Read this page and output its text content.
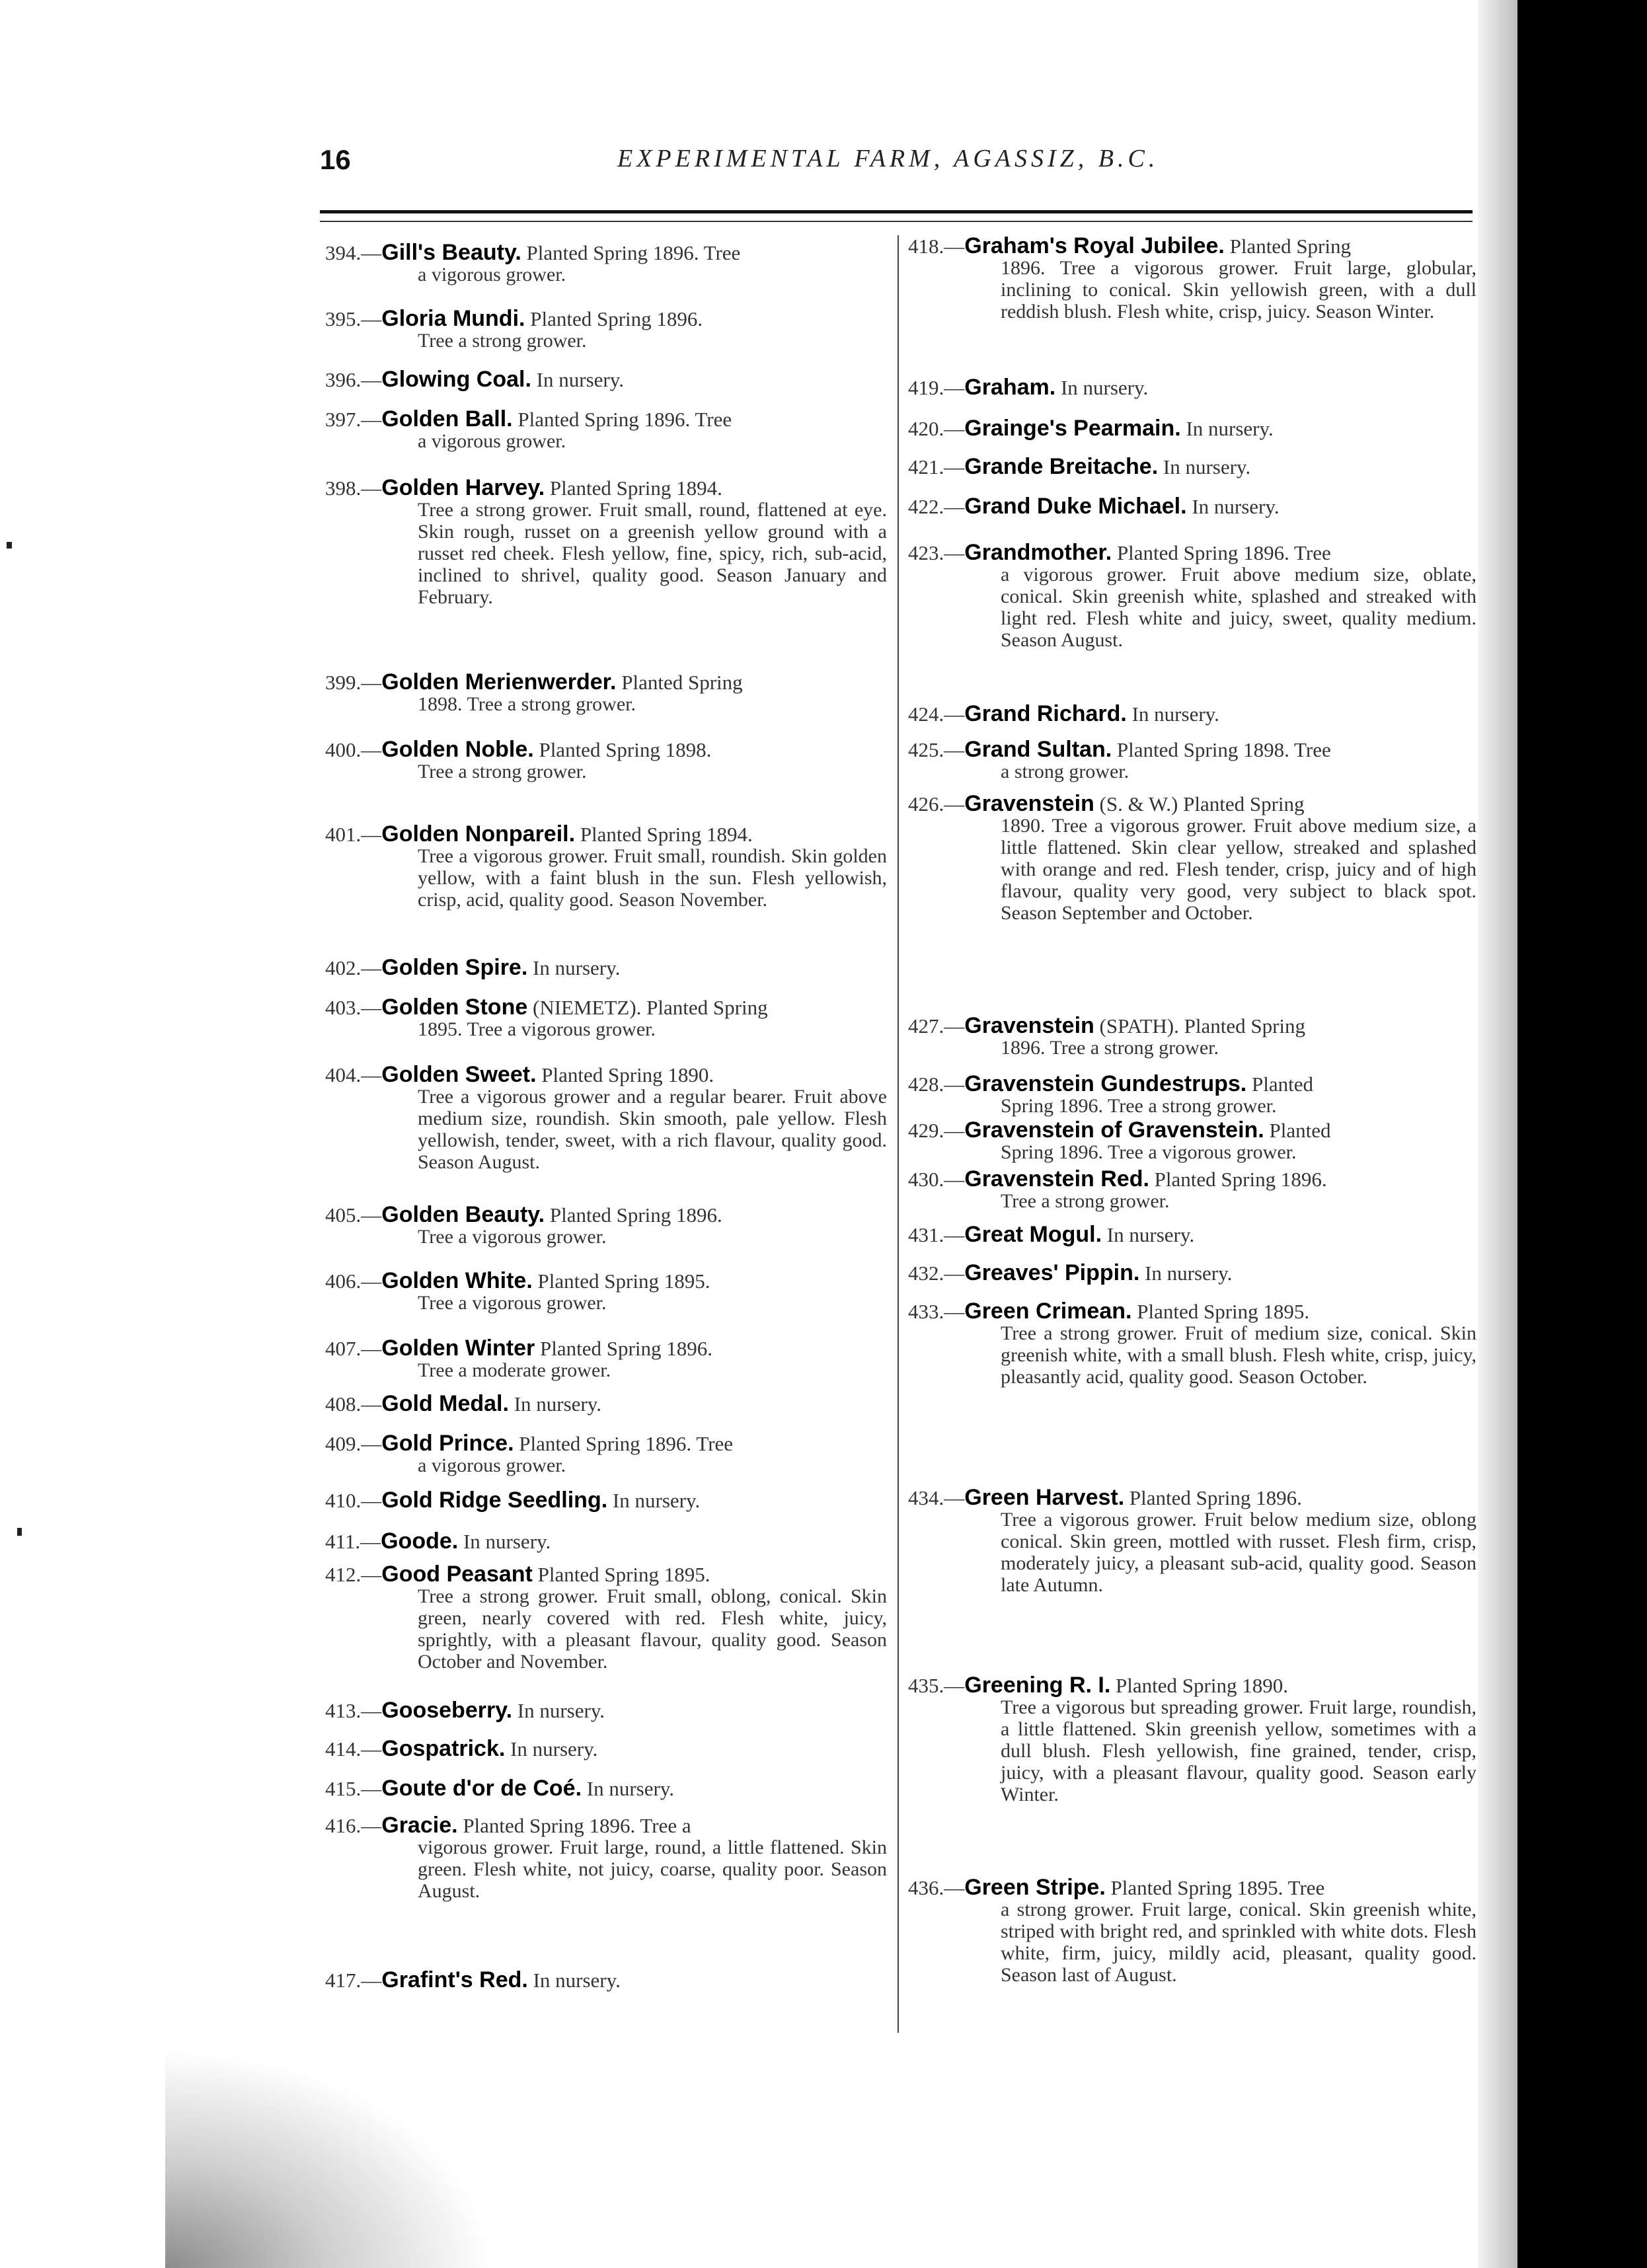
16	EXPERIMENTAL FARM, AGASSIZ, B.C.
394.—Gill's Beauty. Planted Spring 1896. Tree
a vigorous grower.
395.—Gloria Mundi. Planted Spring 1896.
Tree a strong grower.
396.—Glowing Coal. In nursery.
397.—Golden Ball. Planted Spring 1896. Tree
a vigorous grower.
398.—Golden Harvey. Planted Spring 1894.
Tree a strong grower. Fruit small, round, flattened at eye. Skin rough, russet on a greenish yellow ground with a russet red cheek. Flesh yellow, fine, spicy, rich, sub-acid, inclined to shrivel, quality good. Season January and February.
399.—Golden Merienwerder. Planted Spring
1898. Tree a strong grower.
400.—Golden Noble. Planted Spring 1898.
Tree a strong grower.
401.—Golden Nonpareil. Planted Spring 1894.
Tree a vigorous grower. Fruit small, roundish. Skin golden yellow, with a faint blush in the sun. Flesh yellowish, crisp, acid, quality good. Season November.
402.—Golden Spire. In nursery.
403.—Golden Stone (NIEMETZ). Planted Spring
1895. Tree a vigorous grower.
404.—Golden Sweet. Planted Spring 1890.
Tree a vigorous grower and a regular bearer. Fruit above medium size, roundish. Skin smooth, pale yellow. Flesh yellowish, tender, sweet, with a rich flavour, quality good. Season August.
405.—Golden Beauty. Planted Spring 1896.
Tree a vigorous grower.
406.—Golden White. Planted Spring 1895.
Tree a vigorous grower.
407.—Golden Winter Planted Spring 1896.
Tree a moderate grower.
408.—Gold Medal. In nursery.
409.—Gold Prince. Planted Spring 1896. Tree
a vigorous grower.
410.—Gold Ridge Seedling. In nursery.
411.—Goode. In nursery.
412.—Good Peasant Planted Spring 1895.
Tree a strong grower. Fruit small, oblong, conical. Skin green, nearly covered with red. Flesh white, juicy, sprightly, with a pleasant flavour, quality good. Season October and November.
413.—Gooseberry. In nursery.
414.—Gospatrick. In nursery.
415.—Goute d'or de Coé. In nursery.
416.—Gracie. Planted Spring 1896. Tree a
vigorous grower. Fruit large, round, a little flattened. Skin green. Flesh white, not juicy, coarse, quality poor. Season August.
417.—Grafint's Red. In nursery.
418.—Graham's Royal Jubilee. Planted Spring
1896. Tree a vigorous grower. Fruit large, globular, inclining to conical. Skin yellowish green, with a dull reddish blush. Flesh white, crisp, juicy. Season Winter.
419.—Graham. In nursery.
420.—Grainge's Pearmain. In nursery.
421.—Grande Breitache. In nursery.
422.—Grand Duke Michael. In nursery.
423.—Grandmother. Planted Spring 1896. Tree
a vigorous grower. Fruit above medium size, oblate, conical. Skin greenish white, splashed and streaked with light red. Flesh white and juicy, sweet, quality medium. Season August.
424.—Grand Richard. In nursery.
425.—Grand Sultan. Planted Spring 1898. Tree
a strong grower.
426.—Gravenstein (S. & W.) Planted Spring
1890. Tree a vigorous grower. Fruit above medium size, a little flattened. Skin clear yellow, streaked and splashed with orange and red. Flesh tender, crisp, juicy and of high flavour, quality very good, very subject to black spot. Season September and October.
427.—Gravenstein (SPATH). Planted Spring
1896. Tree a strong grower.
428.—Gravenstein Gundestrups. Planted
Spring 1896. Tree a strong grower.
429.—Gravenstein of Gravenstein. Planted
Spring 1896. Tree a vigorous grower.
430.—Gravenstein Red. Planted Spring 1896.
Tree a strong grower.
431.—Great Mogul. In nursery.
432.—Greaves' Pippin. In nursery.
433.—Green Crimean. Planted Spring 1895.
Tree a strong grower. Fruit of medium size, conical. Skin greenish white, with a small blush. Flesh white, crisp, juicy, pleasantly acid, quality good. Season October.
434.—Green Harvest. Planted Spring 1896.
Tree a vigorous grower. Fruit below medium size, oblong conical. Skin green, mottled with russet. Flesh firm, crisp, moderately juicy, a pleasant sub-acid, quality good. Season late Autumn.
435.—Greening R. I. Planted Spring 1890.
Tree a vigorous but spreading grower. Fruit large, roundish, a little flattened. Skin greenish yellow, sometimes with a dull blush. Flesh yellowish, fine grained, tender, crisp, juicy, with a pleasant flavour, quality good. Season early Winter.
436.—Green Stripe. Planted Spring 1895. Tree
a strong grower. Fruit large, conical. Skin greenish white, striped with bright red, and sprinkled with white dots. Flesh white, firm, juicy, mildly acid, pleasant, quality good. Season last of August.
